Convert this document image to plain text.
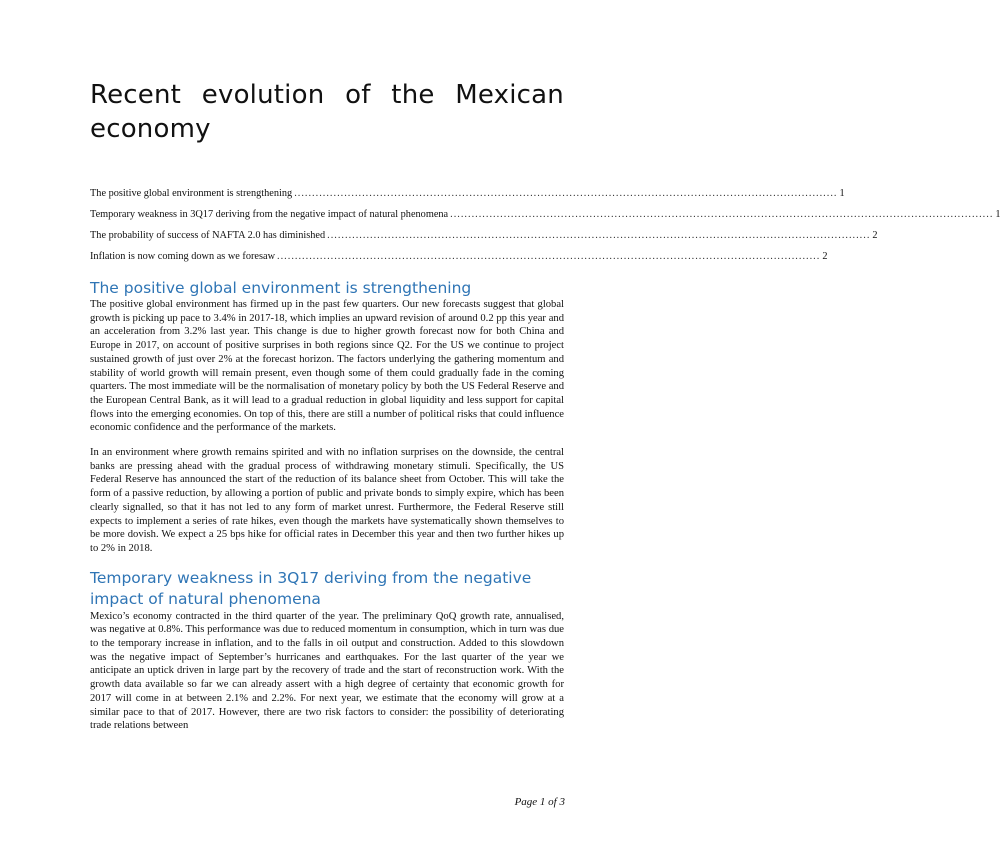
Recent evolution of the Mexican
economy
The positive global environment is strengthening ........................................................................................................................................................ 1
Temporary weakness in 3Q17 deriving from the negative impact of natural phenomena ........................................................................................................................................................ 1
The probability of success of NAFTA 2.0 has diminished ........................................................................................................................................................ 2
Inflation is now coming down as we foresaw ........................................................................................................................................................ 2
The positive global environment is strengthening

The positive global environment has firmed up in the past few quarters. Our new forecasts suggest that global growth is picking up pace to 3.4% in 2017-18, which implies an upward revision of around 0.2 pp this year and an acceleration from 3.2% last year. This change is due to higher growth forecast now for both China and Europe in 2017, on account of positive surprises in both regions since Q2. For the US we continue to project sustained growth of just over 2% at the forecast horizon. The factors underlying the gathering momentum and stability of world growth will remain present, even though some of them could gradually fade in the coming quarters. The most immediate will be the normalisation of monetary policy by both the US Federal Reserve and the European Central Bank, as it will lead to a gradual reduction in global liquidity and less support for capital flows into the emerging economies. On top of this, there are still a number of political risks that could influence economic confidence and the performance of the markets.

In an environment where growth remains spirited and with no inflation surprises on the downside, the central banks are pressing ahead with the gradual process of withdrawing monetary stimuli. Specifically, the US Federal Reserve has announced the start of the reduction of its balance sheet from October. This will take the form of a passive reduction, by allowing a portion of public and private bonds to simply expire, which has been clearly signalled, so that it has not led to any form of market unrest. Furthermore, the Federal Reserve still expects to implement a series of rate hikes, even though the markets have systematically shown themselves to be more dovish. We expect a 25 bps hike for official rates in December this year and then two further hikes up to 2% in 2018.

Temporary weakness in 3Q17 deriving from the negative impact of natural phenomena

Mexico’s economy contracted in the third quarter of the year. The preliminary QoQ growth rate, annualised, was negative at 0.8%. This performance was due to reduced momentum in consumption, which in turn was due to the temporary increase in inflation, and to the falls in oil output and construction. Added to this slowdown was the negative impact of September’s hurricanes and earthquakes. For the last quarter of the year we anticipate an uptick driven in large part by the recovery of trade and the start of reconstruction work. With the growth data available so far we can already assert with a high degree of certainty that economic growth for 2017 will come in at between 2.1% and 2.2%. For next year, we estimate that the economy will grow at a similar pace to that of 2017. However, there are two risk factors to consider: the possibility of deteriorating trade relations between

Page 1 of 3
